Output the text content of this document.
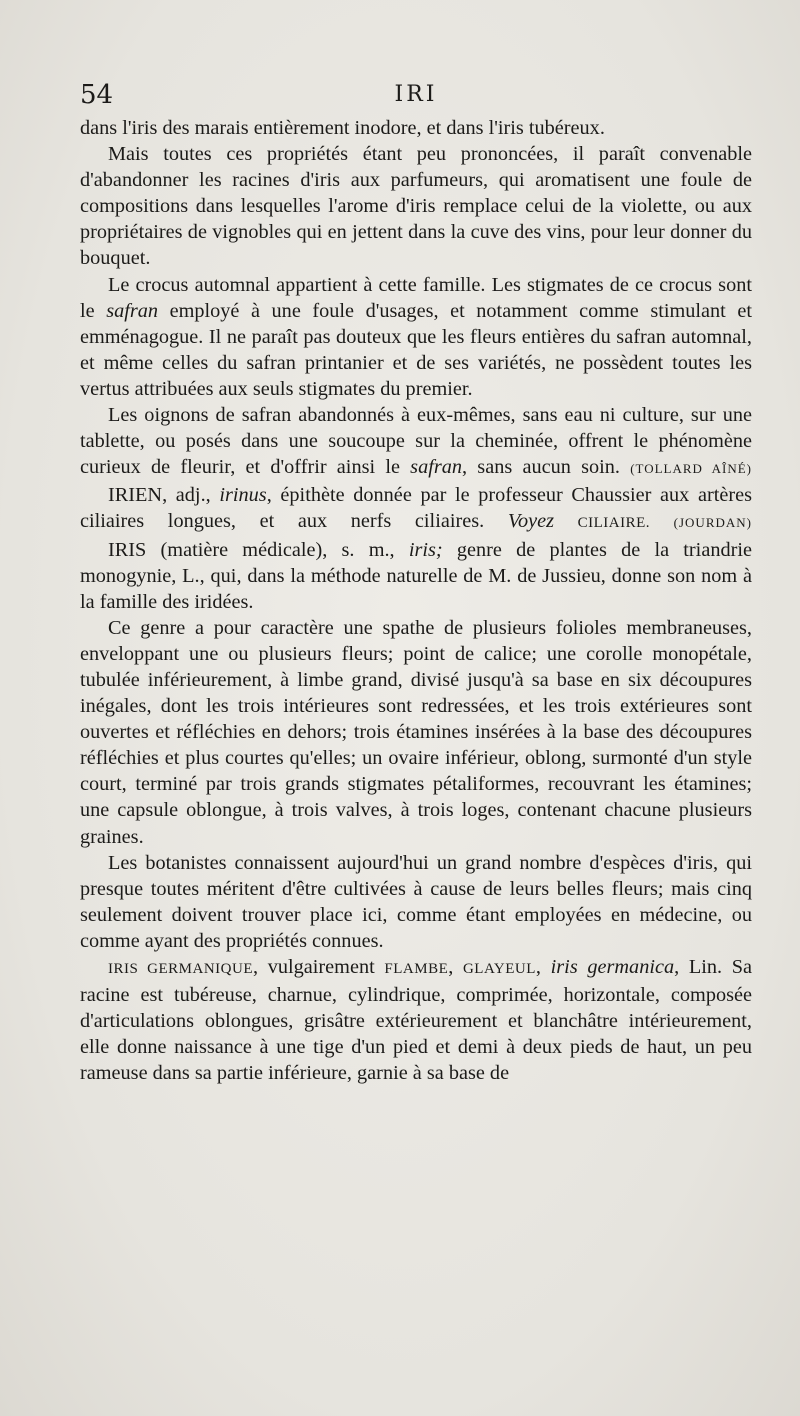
54	IRI

dans l'iris des marais entièrement inodore, et dans l'iris tubéreux.

Mais toutes ces propriétés étant peu prononcées, il paraît convenable d'abandonner les racines d'iris aux parfumeurs, qui aromatisent une foule de compositions dans lesquelles l'arome d'iris remplace celui de la violette, ou aux propriétaires de vignobles qui en jettent dans la cuve des vins, pour leur donner du bouquet.

Le crocus automnal appartient à cette famille. Les stigmates de ce crocus sont le safran employé à une foule d'usages, et notamment comme stimulant et emménagogue. Il ne paraît pas douteux que les fleurs entières du safran automnal, et même celles du safran printanier et de ses variétés, ne possèdent toutes les vertus attribuées aux seuls stigmates du premier.

Les oignons de safran abandonnés à eux-mêmes, sans eau ni culture, sur une tablette, ou posés dans une soucoupe sur la cheminée, offrent le phénomène curieux de fleurir, et d'offrir ainsi le safran, sans aucun soin. (TOLLARD AÎNÉ)

IRIEN, adj., irinus, épithète donnée par le professeur Chaussier aux artères ciliaires longues, et aux nerfs ciliaires. Voyez CILIAIRE. (JOURDAN)

IRIS (matière médicale), s. m., iris; genre de plantes de la triandrie monogynie, L., qui, dans la méthode naturelle de M. de Jussieu, donne son nom à la famille des iridées.

Ce genre a pour caractère une spathe de plusieurs folioles membraneuses, enveloppant une ou plusieurs fleurs; point de calice; une corolle monopétale, tubulée inférieurement, à limbe grand, divisé jusqu'à sa base en six découpures inégales, dont les trois intérieures sont redressées, et les trois extérieures sont ouvertes et réfléchies en dehors; trois étamines insérées à la base des découpures réfléchies et plus courtes qu'elles; un ovaire inférieur, oblong, surmonté d'un style court, terminé par trois grands stigmates pétaliformes, recouvrant les étamines; une capsule oblongue, à trois valves, à trois loges, contenant chacune plusieurs graines.

Les botanistes connaissent aujourd'hui un grand nombre d'espèces d'iris, qui presque toutes méritent d'être cultivées à cause de leurs belles fleurs; mais cinq seulement doivent trouver place ici, comme étant employées en médecine, ou comme ayant des propriétés connues.

IRIS GERMANIQUE, vulgairement FLAMBE, GLAYEUL, iris germanica, Lin. Sa racine est tubéreuse, charnue, cylindrique, comprimée, horizontale, composée d'articulations oblongues, grisâtre extérieurement et blanchâtre intérieurement, elle donne naissance à une tige d'un pied et demi à deux pieds de haut, un peu rameuse dans sa partie inférieure, garnie à sa base de
